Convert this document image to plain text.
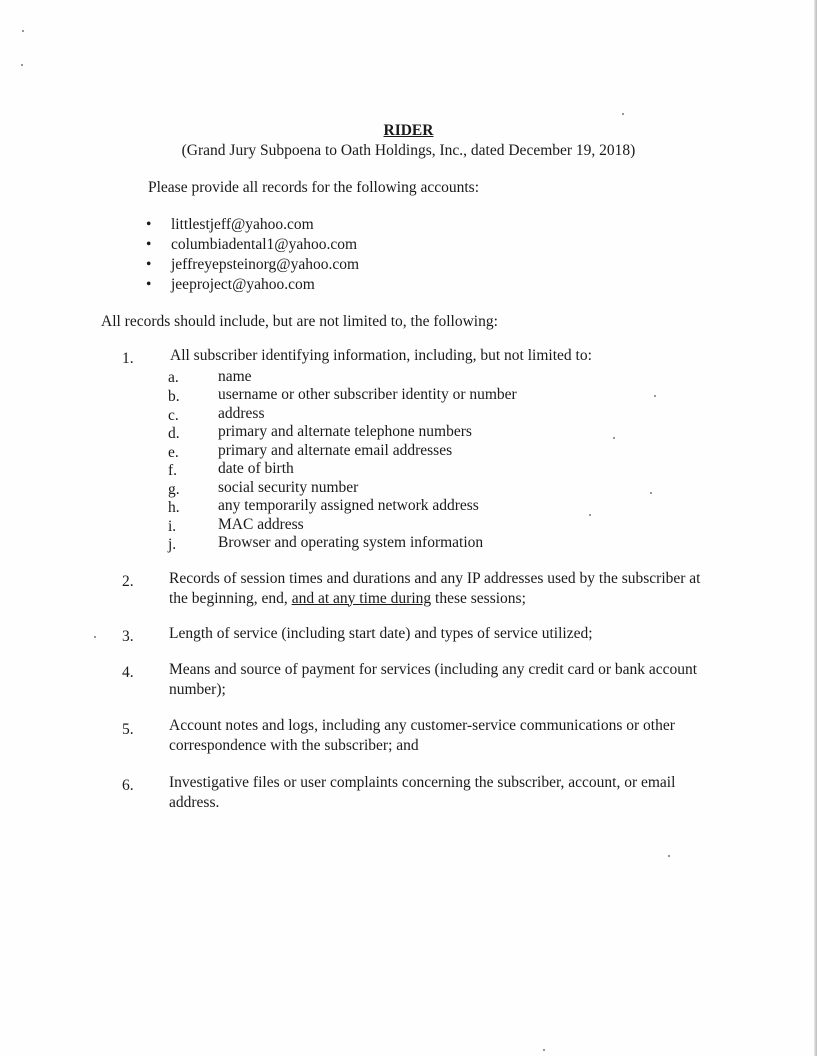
RIDER
(Grand Jury Subpoena to Oath Holdings, Inc., dated December 19, 2018)
Please provide all records for the following accounts:
• littlestjeff@yahoo.com
• columbiadental1@yahoo.com
• jeffreyepsteinorg@yahoo.com
• jeeproject@yahoo.com
All records should include, but are not limited to, the following:
1. All subscriber identifying information, including, but not limited to:
a.	name
b. username or other subscriber identity or number
c.	address
d. primary and alternate telephone numbers
e.	primary and alternate email addresses
f.	date of birth
g. social security number
h. any temporarily assigned network address
i.	MAC address
j.	Browser and operating system information
2. Records of session times and durations and any IP addresses used by the subscriber at
the beginning, end, and at any time during these sessions;
3. Length of service (including start date) and types of service utilized;
4. Means and source of payment for services (including any credit card or bank account
number);
5. Account notes and logs, including any customer-service communications or other
correspondence with the subscriber; and
6. Investigative files or user complaints concerning the subscriber, account, or email
address.
